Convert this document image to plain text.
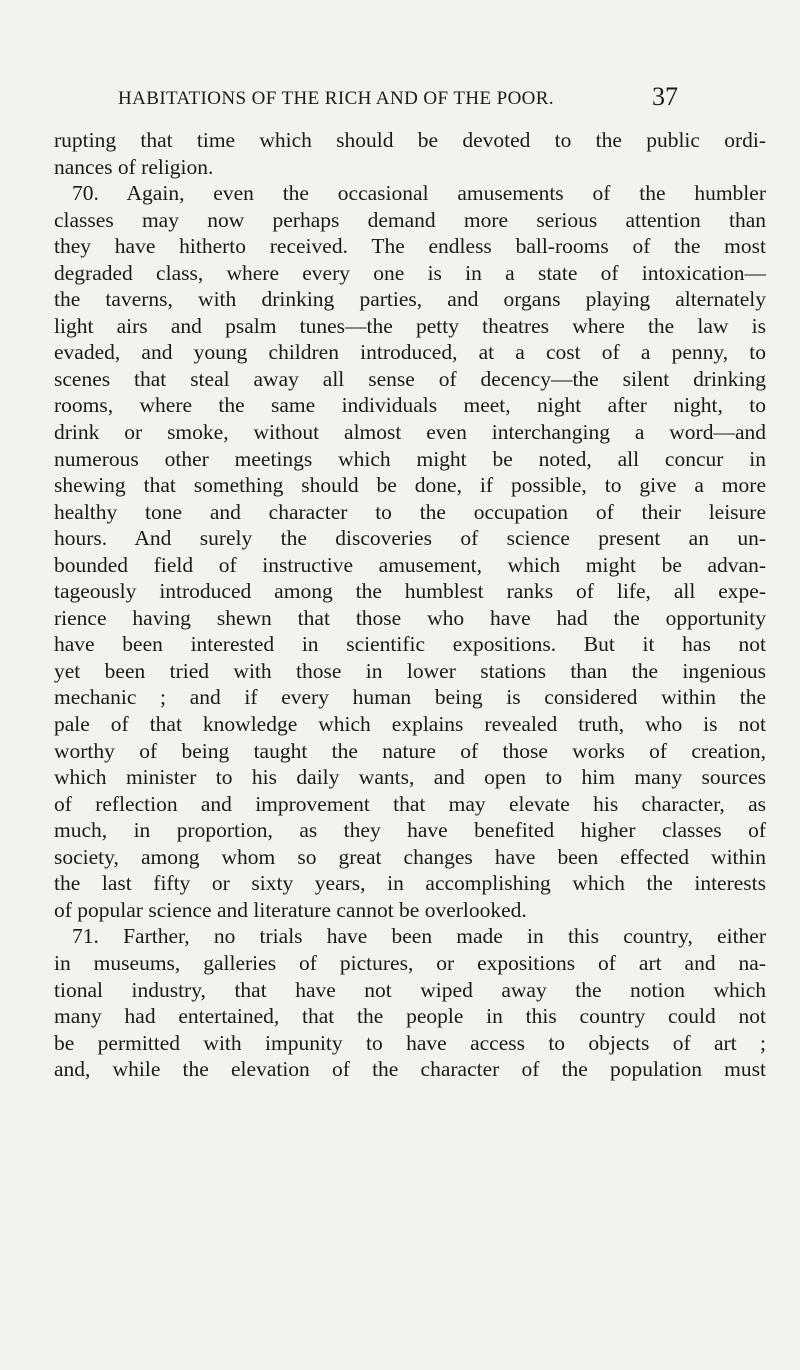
HABITATIONS OF THE RICH AND OF THE POOR.	37
rupting that time which should be devoted to the public ordi-
nances of religion.
70. Again, even the occasional amusements of the humbler
classes may now perhaps demand more serious attention than
they have hitherto received. The endless ball-rooms of the most
degraded class, where every one is in a state of intoxication—
the taverns, with drinking parties, and organs playing alternately
light airs and psalm tunes—the petty theatres where the law is
evaded, and young children introduced, at a cost of a penny, to
scenes that steal away all sense of decency—the silent drinking
rooms, where the same individuals meet, night after night, to
drink or smoke, without almost even interchanging a word—and
numerous other meetings which might be noted, all concur in
shewing that something should be done, if possible, to give a more
healthy tone and character to the occupation of their leisure
hours. And surely the discoveries of science present an un-
bounded field of instructive amusement, which might be advan-
tageously introduced among the humblest ranks of life, all expe-
rience having shewn that those who have had the opportunity
have been interested in scientific expositions. But it has not
yet been tried with those in lower stations than the ingenious
mechanic ; and if every human being is considered within the
pale of that knowledge which explains revealed truth, who is not
worthy of being taught the nature of those works of creation,
which minister to his daily wants, and open to him many sources
of reflection and improvement that may elevate his character, as
much, in proportion, as they have benefited higher classes of
society, among whom so great changes have been effected within
the last fifty or sixty years, in accomplishing which the interests
of popular science and literature cannot be overlooked.
71. Farther, no trials have been made in this country, either
in museums, galleries of pictures, or expositions of art and na-
tional industry, that have not wiped away the notion which
many had entertained, that the people in this country could not
be permitted with impunity to have access to objects of art ;
and, while the elevation of the character of the population must
